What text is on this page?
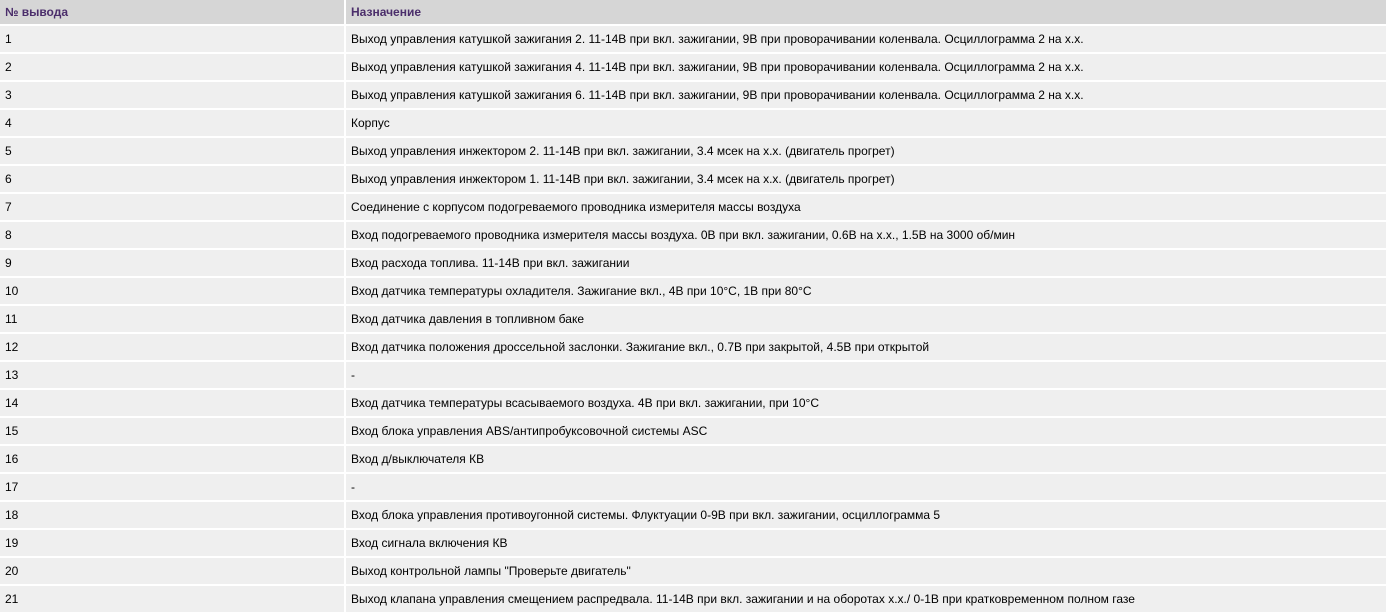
№ вывода	Назначение
1	Выход управления катушкой зажигания 2. 11-14В при вкл. зажигании, 9В при проворачивании коленвала. Осциллограмма 2 на х.х.
2	Выход управления катушкой зажигания 4. 11-14В при вкл. зажигании, 9В при проворачивании коленвала. Осциллограмма 2 на х.х.
3	Выход управления катушкой зажигания 6. 11-14В при вкл. зажигании, 9В при проворачивании коленвала. Осциллограмма 2 на х.х.
4	Корпус
5	Выход управления инжектором 2. 11-14В при вкл. зажигании, 3.4 мсек на х.х. (двигатель прогрет)
6	Выход управления инжектором 1. 11-14В при вкл. зажигании, 3.4 мсек на х.х. (двигатель прогрет)
7	Соединение с корпусом подогреваемого проводника измерителя массы воздуха
8	Вход подогреваемого проводника измерителя массы воздуха. 0В при вкл. зажигании, 0.6В на х.х., 1.5В на 3000 об/мин
9	Вход расхода топлива. 11-14В при вкл. зажигании
10	Вход датчика температуры охладителя. Зажигание вкл., 4В при 10°С, 1В при 80°С
11	Вход датчика давления в топливном баке
12	Вход датчика положения дроссельной заслонки. Зажигание вкл., 0.7В при закрытой, 4.5В при открытой
13	-
14	Вход датчика температуры всасываемого воздуха. 4В при вкл. зажигании, при 10°С
15	Вход блока управления ABS/антипробуксовочной системы ASC
16	Вход д/выключателя КВ
17	-
18	Вход блока управления противоугонной системы. Флуктуации 0-9В при вкл. зажигании, осциллограмма 5
19	Вход сигнала включения КВ
20	Выход контрольной лампы "Проверьте двигатель"
21	Выход клапана управления смещением распредвала. 11-14В при вкл. зажигании и на оборотах х.х./ 0-1В при кратковременном полном газе
